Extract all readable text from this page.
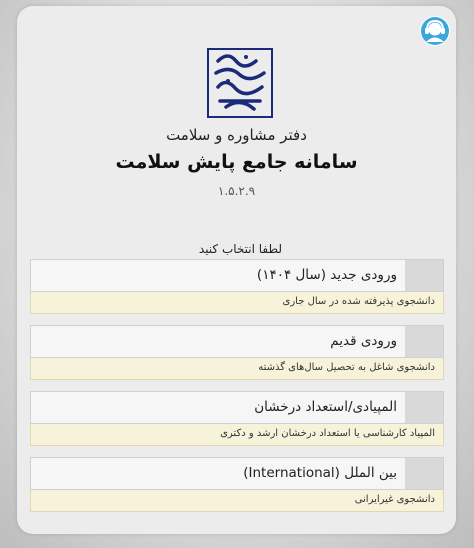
دفتر مشاوره و سلامت
سامانه جامع پایش سلامت
۱.۵.۲.۹
لطفا انتخاب کنید
ورودی جدید (سال ۱۴۰۴)
دانشجوی پذیرفته شده در سال جاری
ورودی قدیم
دانشجوی شاغل به تحصیل سال‌های گذشته
المپیادی/استعداد درخشان
المپیاد کارشناسی یا استعداد درخشان ارشد و دکتری
بین الملل (International)
دانشجوی غیرایرانی
